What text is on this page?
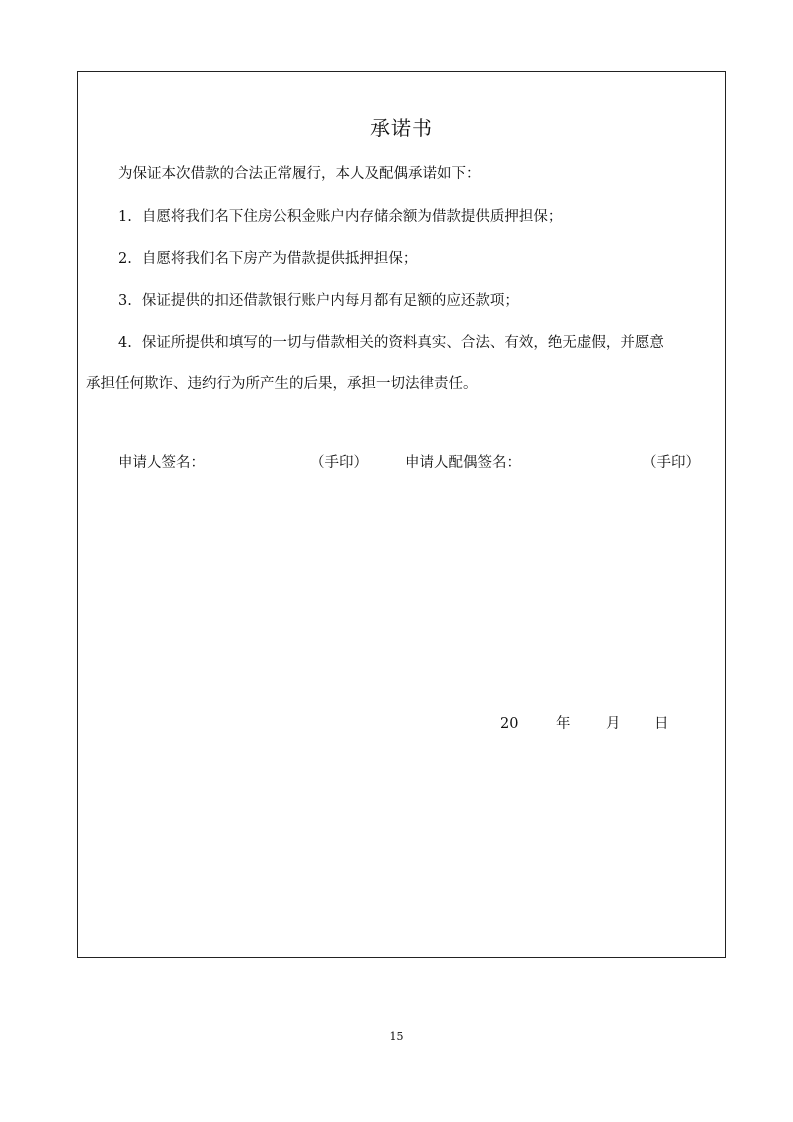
承诺书

为保证本次借款的合法正常履行，本人及配偶承诺如下：

1. 自愿将我们名下住房公积金账户内存储余额为借款提供质押担保；

2. 自愿将我们名下房产为借款提供抵押担保；

3. 保证提供的扣还借款银行账户内每月都有足额的应还款项；

4. 保证所提供和填写的一切与借款相关的资料真实、合法、有效，绝无虚假，并愿意

承担任何欺诈、违约行为所产生的后果，承担一切法律责任。

申请人签名：	（手印）	申请人配偶签名：	（手印）
20	年 月 日
15
